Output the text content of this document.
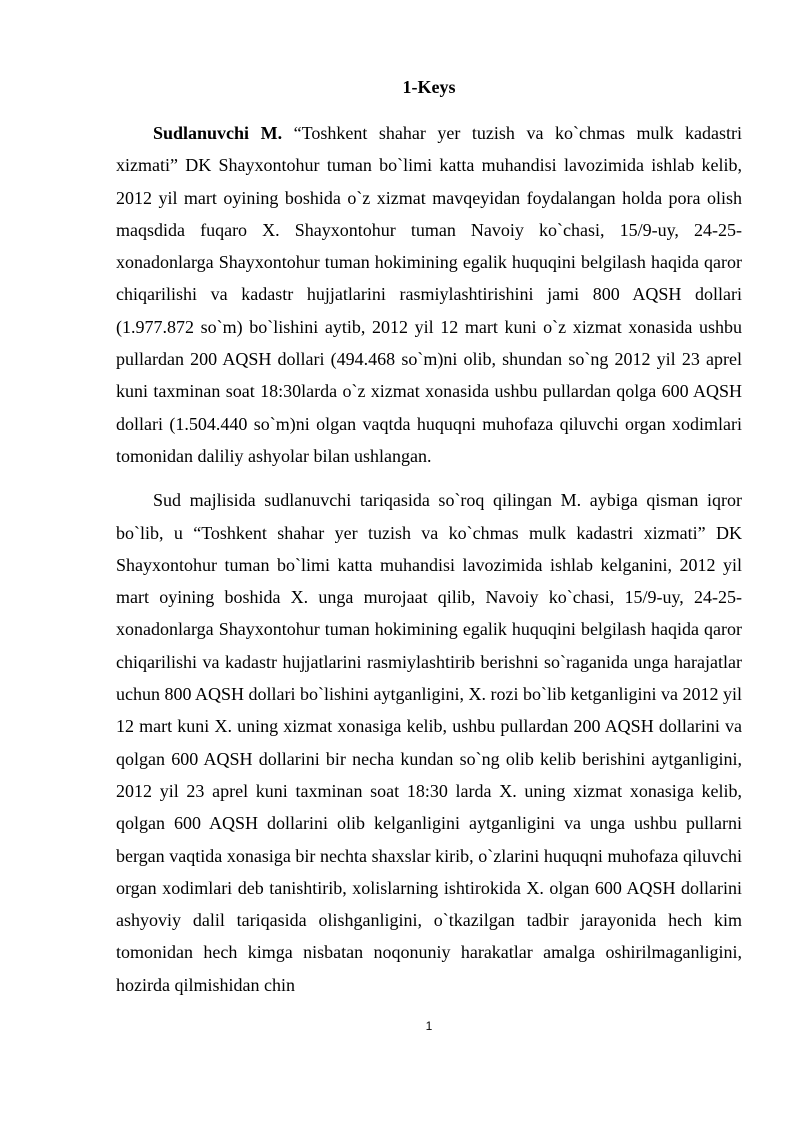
1-Keys

Sudlanuvchi M. “Toshkent shahar yer tuzish va ko`chmas mulk kadastri xizmati” DK Shayxontohur tuman bo`limi katta muhandisi lavozimida ishlab kelib, 2012 yil mart oyining boshida o`z xizmat mavqeyidan foydalangan holda pora olish maqsdida fuqaro X. Shayxontohur tuman Navoiy ko`chasi, 15/9-uy, 24-25-xonadonlarga Shayxontohur tuman hokimining egalik huquqini belgilash haqida qaror chiqarilishi va kadastr hujjatlarini rasmiylashtirishini jami 800 AQSH dollari (1.977.872 so`m) bo`lishini aytib, 2012 yil 12 mart kuni o`z xizmat xonasida ushbu pullardan 200 AQSH dollari (494.468 so`m)ni olib, shundan so`ng 2012 yil 23 aprel kuni taxminan soat 18:30larda o`z xizmat xonasida ushbu pullardan qolga 600 AQSH dollari (1.504.440 so`m)ni olgan vaqtda huquqni muhofaza qiluvchi organ xodimlari tomonidan daliliy ashyolar bilan ushlangan.

Sud majlisida sudlanuvchi tariqasida so`roq qilingan M. aybiga qisman iqror bo`lib, u “Toshkent shahar yer tuzish va ko`chmas mulk kadastri xizmati” DK Shayxontohur tuman bo`limi katta muhandisi lavozimida ishlab kelganini, 2012 yil mart oyining boshida X. unga murojaat qilib, Navoiy ko`chasi, 15/9-uy, 24-25-xonadonlarga Shayxontohur tuman hokimining egalik huquqini belgilash haqida qaror chiqarilishi va kadastr hujjatlarini rasmiylashtirib berishni so`raganida unga harajatlar uchun 800 AQSH dollari bo`lishini aytganligini, X. rozi bo`lib ketganligini va 2012 yil 12 mart kuni X. uning xizmat xonasiga kelib, ushbu pullardan 200 AQSH dollarini va qolgan 600 AQSH dollarini bir necha kundan so`ng olib kelib berishini aytganligini, 2012 yil 23 aprel kuni taxminan soat 18:30 larda X. uning xizmat xonasiga kelib, qolgan 600 AQSH dollarini olib kelganligini aytganligini va unga ushbu pullarni bergan vaqtida xonasiga bir nechta shaxslar kirib, o`zlarini huquqni muhofaza qiluvchi organ xodimlari deb tanishtirib, xolislarning ishtirokida X. olgan 600 AQSH dollarini ashyoviy dalil tariqasida olishganligini, o`tkazilgan tadbir jarayonida hech kim tomonidan hech kimga nisbatan noqonuniy harakatlar amalga oshirilmaganligini, hozirda qilmishidan chin

1
